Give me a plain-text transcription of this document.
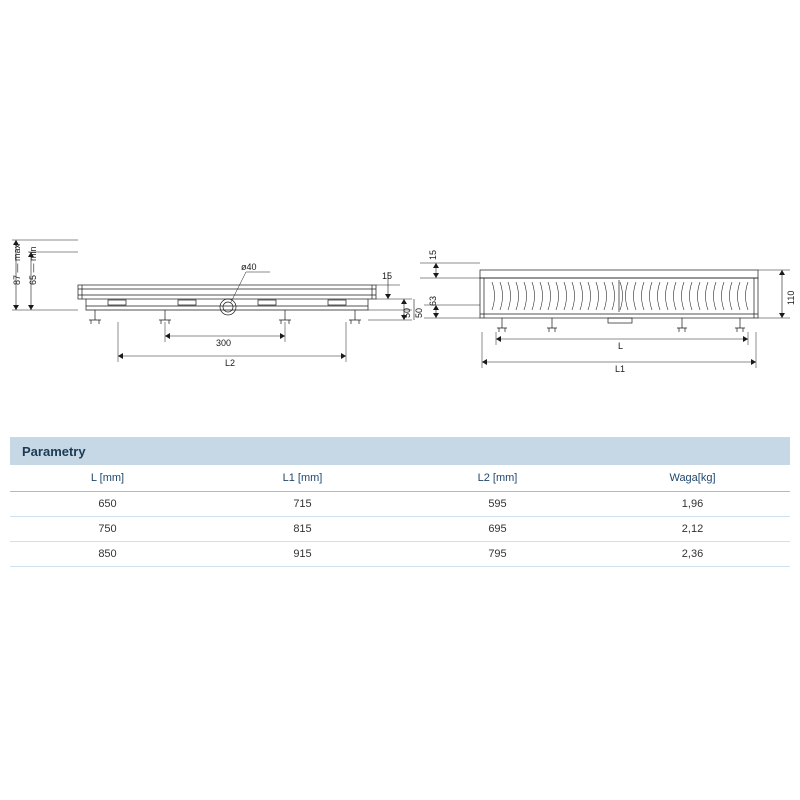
87 — max 65 — min	ø40
15
50 50
300
L2
15
63	110
L
L1
Parametry
L [mm]	L1 [mm]	L2 [mm]	Waga[kg]
650	715	595	1,96
750	815	695	2,12
850	915	795	2,36
